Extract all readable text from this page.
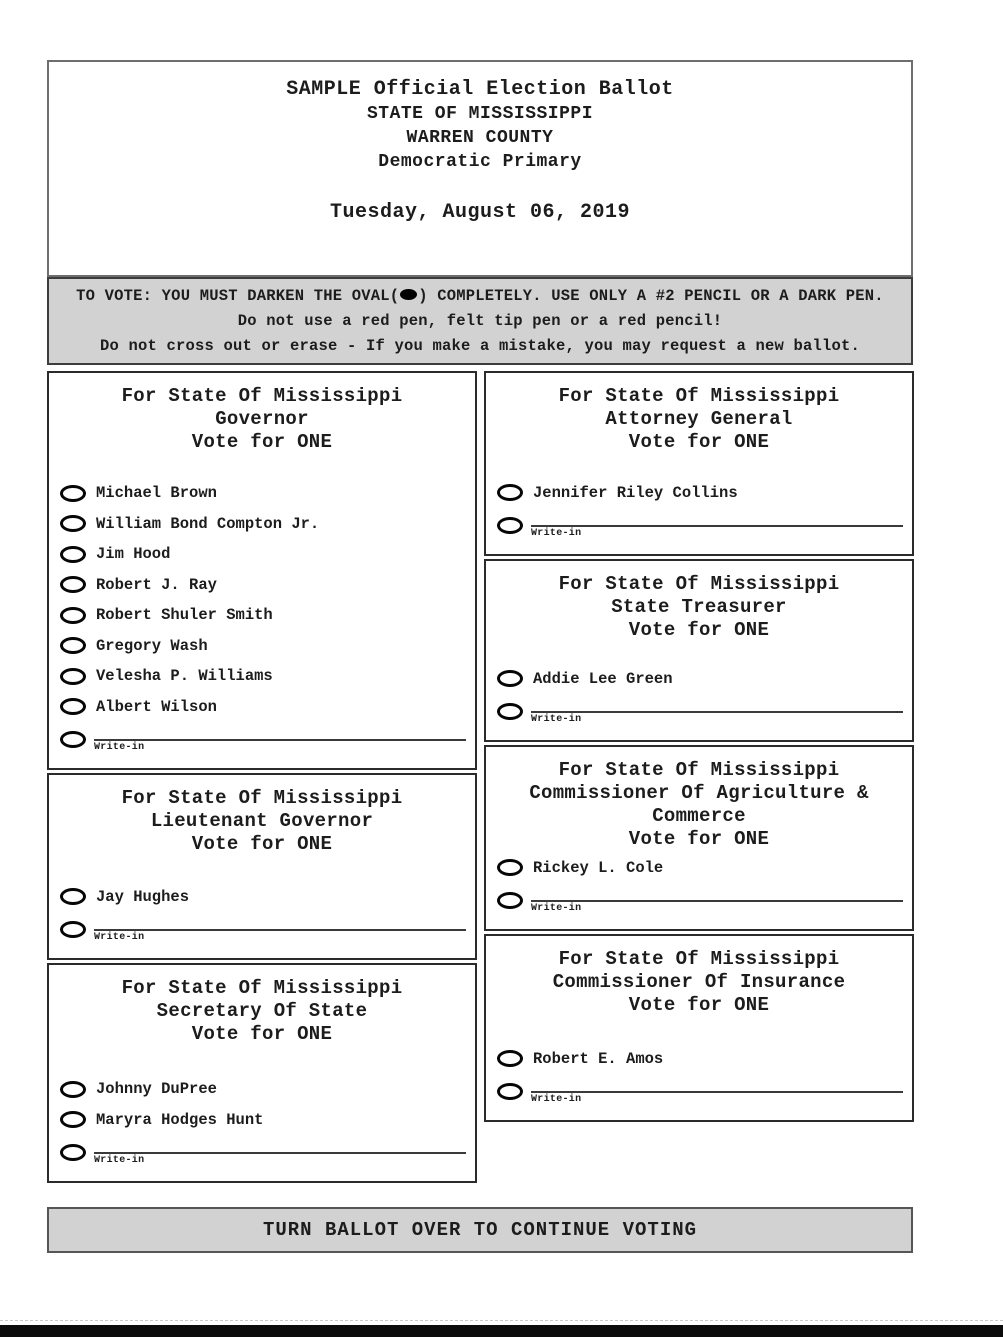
SAMPLE Official Election Ballot
STATE OF MISSISSIPPI
WARREN COUNTY
Democratic Primary
Tuesday, August 06, 2019
TO VOTE: YOU MUST DARKEN THE OVAL( ) COMPLETELY. USE ONLY A #2 PENCIL OR A DARK PEN.
Do not use a red pen, felt tip pen or a red pencil!
Do not cross out or erase - If you make a mistake, you may request a new ballot.
For State Of Mississippi
Governor
Vote for ONE
Michael Brown
William Bond Compton Jr.
Jim Hood
Robert J. Ray
Robert Shuler Smith
Gregory Wash
Velesha P. Williams
Albert Wilson
Write-in
For State Of Mississippi
Lieutenant Governor
Vote for ONE
Jay Hughes
Write-in
For State Of Mississippi
Secretary Of State
Vote for ONE
Johnny DuPree
Maryra Hodges Hunt
Write-in
For State Of Mississippi
Attorney General
Vote for ONE
Jennifer Riley Collins
Write-in
For State Of Mississippi
State Treasurer
Vote for ONE
Addie Lee Green
Write-in
For State Of Mississippi
Commissioner Of Agriculture &
Commerce
Vote for ONE
Rickey L. Cole
Write-in
For State Of Mississippi
Commissioner Of Insurance
Vote for ONE
Robert E. Amos
Write-in
TURN BALLOT OVER TO CONTINUE VOTING
